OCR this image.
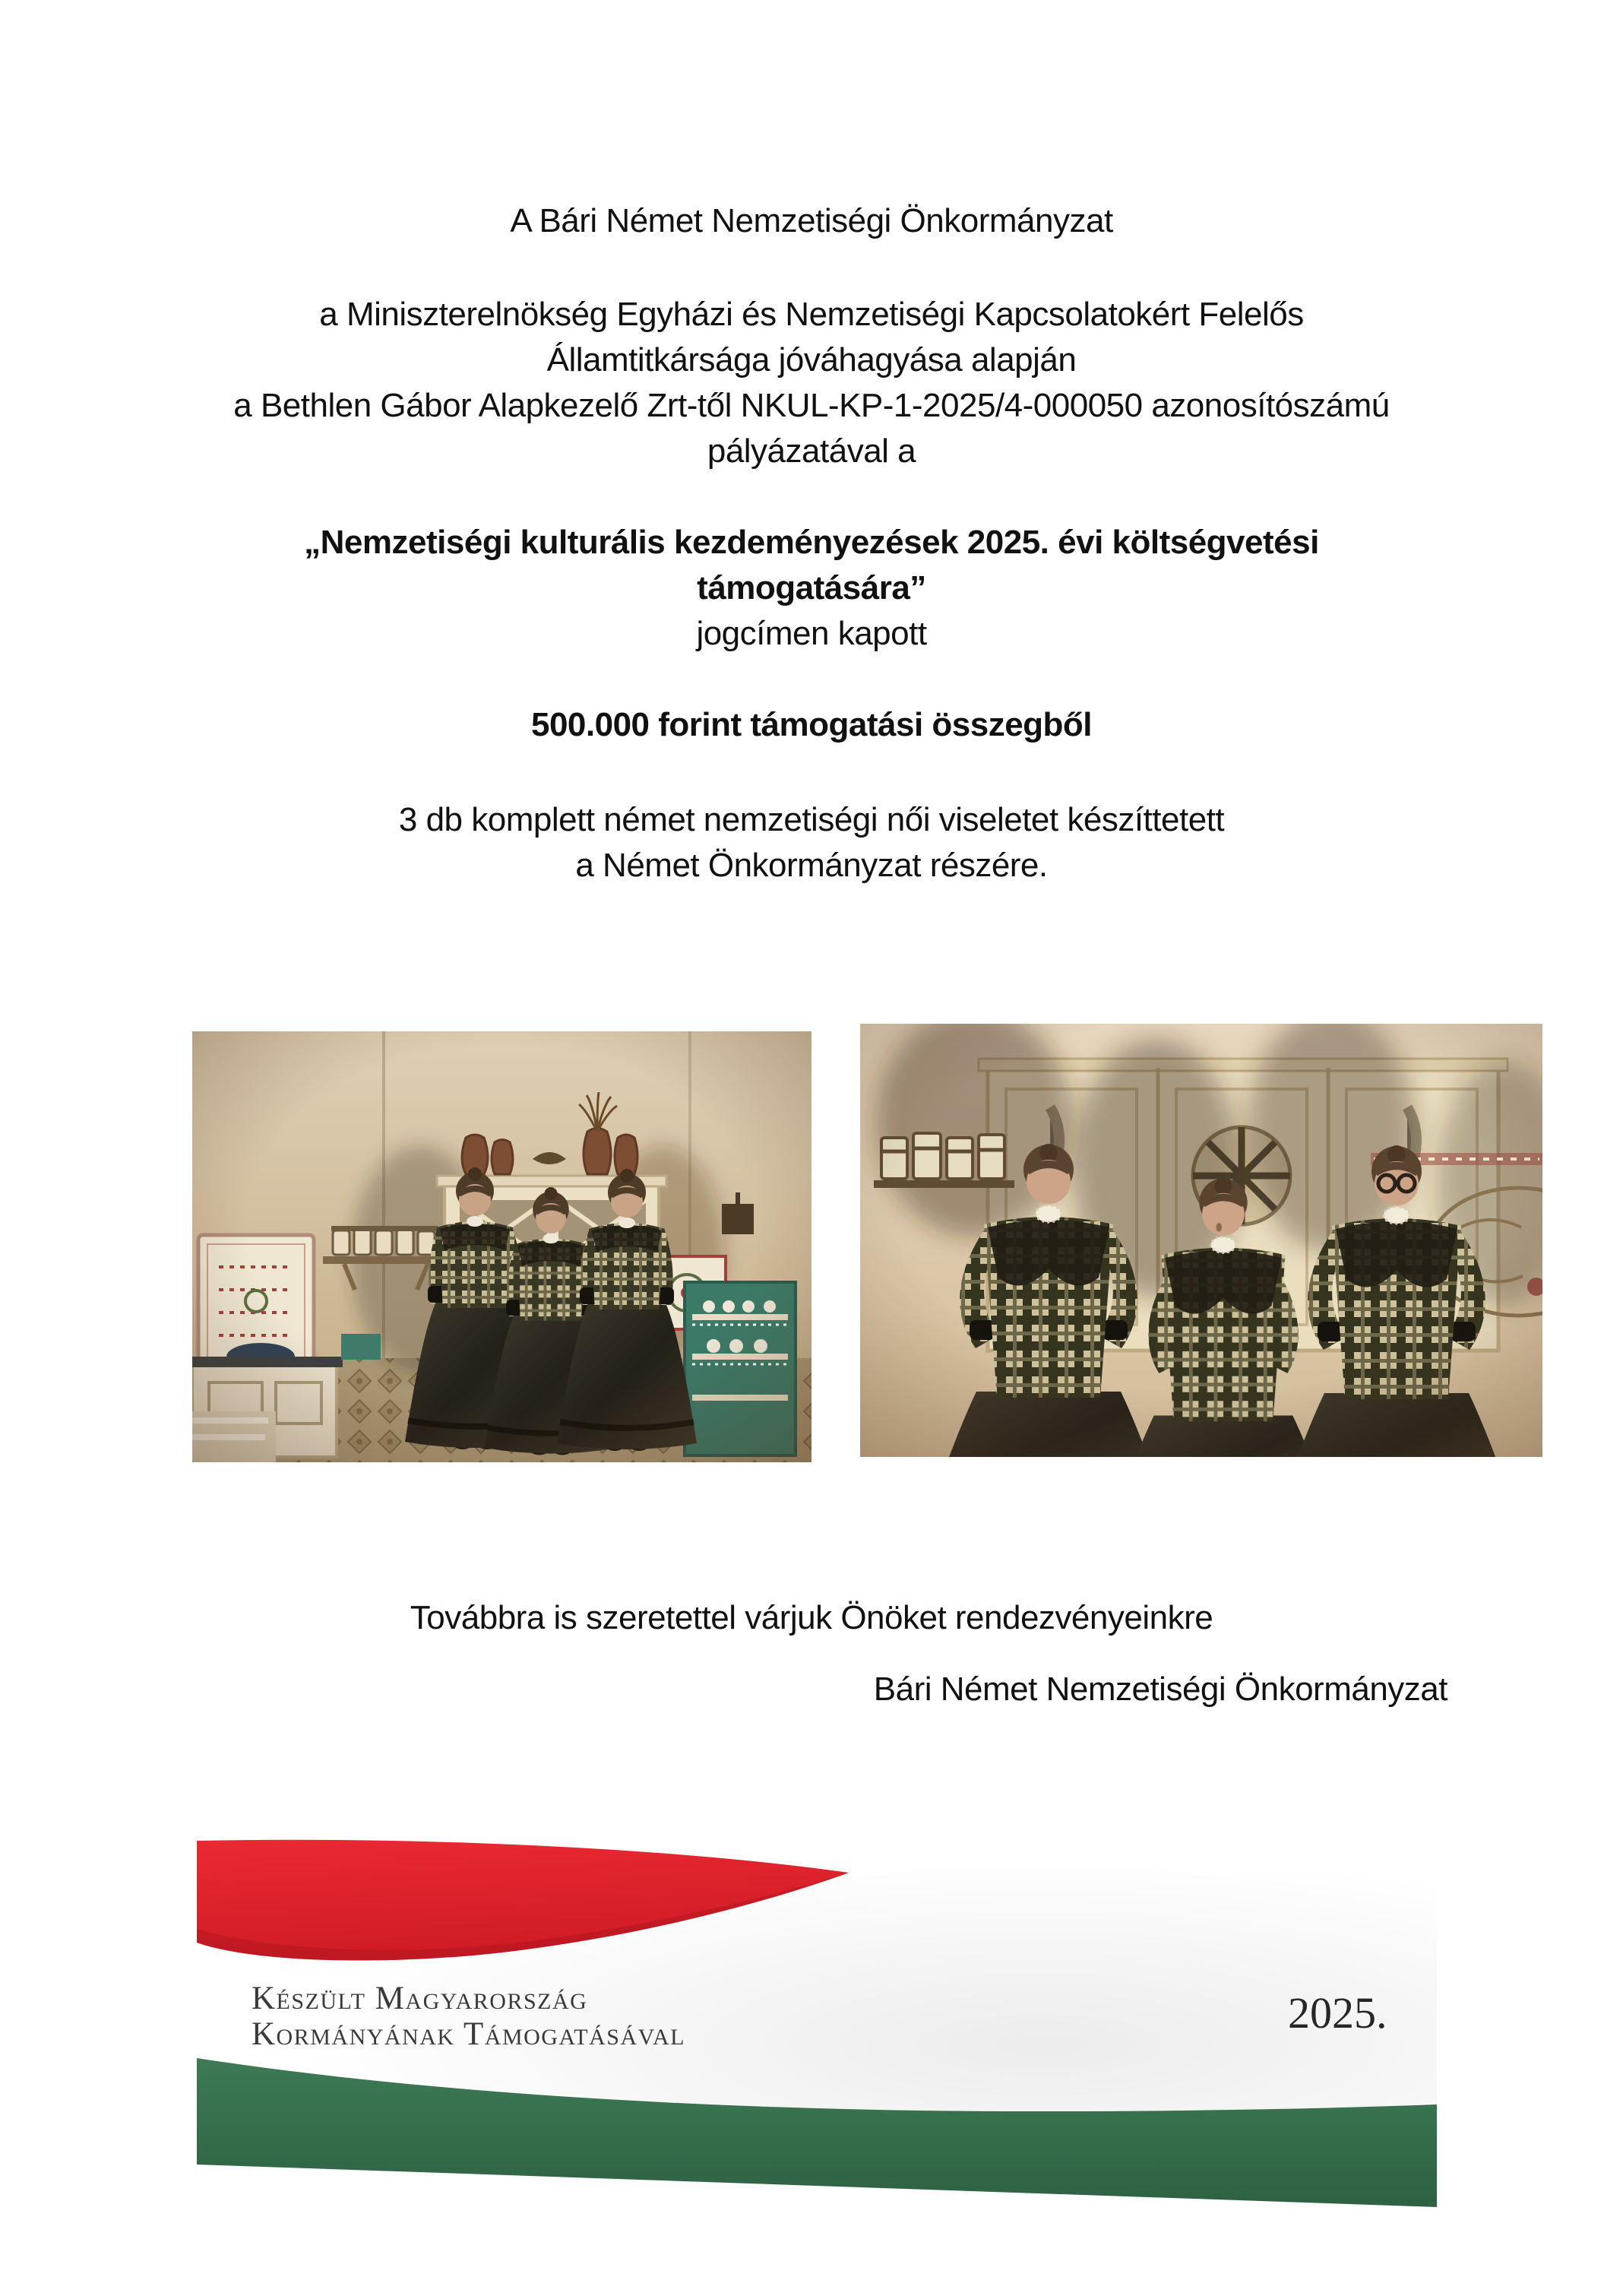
A Bári Német Nemzetiségi Önkormányzat
a Miniszterelnökség Egyházi és Nemzetiségi Kapcsolatokért Felelős
Államtitkársága jóváhagyása alapján
a Bethlen Gábor Alapkezelő Zrt-től NKUL-KP-1-2025/4-000050 azonosítószámú
pályázatával a
„Nemzetiségi kulturális kezdeményezések 2025. évi költségvetési
támogatására”
jogcímen kapott
500.000 forint támogatási összegből
3 db komplett német nemzetiségi női viseletet készíttetett
a Német Önkormányzat részére.
Továbbra is szeretettel várjuk Önöket rendezvényeinkre
Bári Német Nemzetiségi Önkormányzat
Készült Magyarország
Kormányának Támogatásával	2025.
